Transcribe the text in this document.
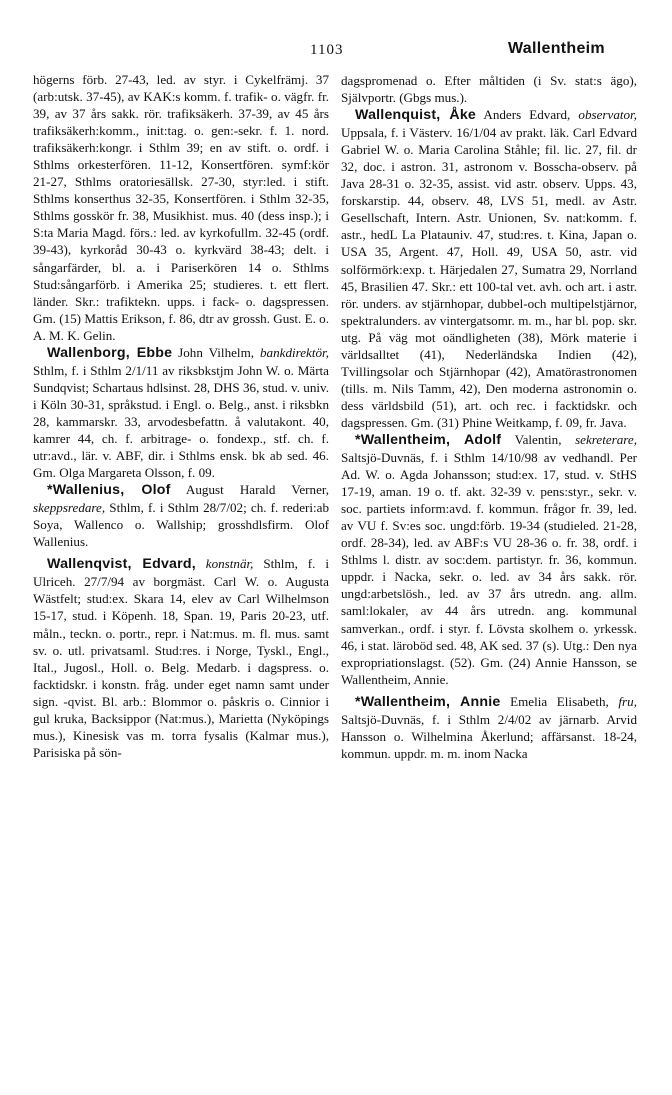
1103	Wallentheim

högerns förb. 27-43, led. av styr. i Cykelfrämj. 37 (arb:utsk. 37-45), av KAK:s komm. f. trafik- o. vägfr. fr. 39, av 37 års sakk. rör. trafiksäkerh. 37-39, av 45 års trafiksäkerh:komm., init:tag. o. gen:-sekr. f. 1. nord. trafiksäkerh:kongr. i Sthlm 39; en av stift. o. ordf. i Sthlms orkesterfören. 11-12, Konsertfören. symf:kör 21-27, Sthlms oratoriesällsk. 27-30, styr:led. i stift. Sthlms konserthus 32-35, Konsertfören. i Sthlm 32-35, Sthlms gosskör fr. 38, Musikhist. mus. 40 (dess insp.); i S:ta Maria Magd. förs.: led. av kyrkofullm. 32-45 (ordf. 39-43), kyrkoråd 30-43 o. kyrkvärd 38-43; delt. i sångarfärder, bl. a. i Pariserkören 14 o. Sthlms Stud:sångarförb. i Amerika 25; studieres. t. ett flert. länder. Skr.: trafiktekn. upps. i fack- o. dagspressen. Gm. (15) Mattis Erikson, f. 86, dtr av grossh. Gust. E. o. A. M. K. Gelin.

Wallenborg, Ebbe John Vilhelm, bankdirektör, Sthlm, f. i Sthlm 2/1/11 av riksbkstjm John W. o. Märta Sundqvist; Schartaus hdlsinst. 28, DHS 36, stud. v. univ. i Köln 30-31, språkstud. i Engl. o. Belg., anst. i riksbkn 28, kammarskr. 33, arvodesbefattn. å valutakont. 40, kamrer 44, ch. f. arbitrage- o. fondexp., stf. ch. f. utr:avd., lär. v. ABF, dir. i Sthlms ensk. bk ab sed. 46. Gm. Olga Margareta Olsson, f. 09.

*Wallenius, Olof August Harald Verner, skeppsredare, Sthlm, f. i Sthlm 28/7/02; ch. f. rederi:ab Soya, Wallenco o. Wallship; grosshdlsfirm. Olof Wallenius.

Wallenqvist, Edvard, konstnär, Sthlm, f. i Ulriceh. 27/7/94 av borgmäst. Carl W. o. Augusta Wästfelt; stud:ex. Skara 14, elev av Carl Wilhelmson 15-17, stud. i Köpenh. 18, Span. 19, Paris 20-23, utf. måln., teckn. o. portr., repr. i Nat:mus. m. fl. mus. samt sv. o. utl. privatsaml. Stud:res. i Norge, Tyskl., Engl., Ital., Jugosl., Holl. o. Belg. Medarb. i dagspress. o. facktidskr. i konstn. fråg. under eget namn samt under sign. -qvist. Bl. arb.: Blommor o. påskris o. Cinnior i gul kruka, Backsippor (Nat:mus.), Marietta (Nyköpings mus.), Kinesisk vas m. torra fysalis (Kalmar mus.), Parisiska på sön-

dagspromenad o. Efter måltiden (i Sv. stat:s ägo), Självportr. (Gbgs mus.).

Wallenquist, Åke Anders Edvard, observator, Uppsala, f. i Västerv. 16/1/04 av prakt. läk. Carl Edvard Gabriel W. o. Maria Carolina Ståhle; fil. lic. 27, fil. dr 32, doc. i astron. 31, astronom v. Bosscha-observ. på Java 28-31 o. 32-35, assist. vid astr. observ. Upps. 43, forskarstip. 44, observ. 48, LVS 51, medl. av Astr. Gesellschaft, Intern. Astr. Unionen, Sv. nat:komm. f. astr., hedL La Platauniv. 47, stud:res. t. Kina, Japan o. USA 35, Argent. 47, Holl. 49, USA 50, astr. vid solförmörk:exp. t. Härjedalen 27, Sumatra 29, Norrland 45, Brasilien 47. Skr.: ett 100-tal vet. avh. och art. i astr. rör. unders. av stjärnhopar, dubbel-och multipelstjärnor, spektralunders. av vintergatsomr. m. m., har bl. pop. skr. utg. På väg mot oändligheten (38), Mörk materie i världsalltet (41), Nederländska Indien (42), Tvillingsolar och Stjärnhopar (42), Amatörastronomen (tills. m. Nils Tamm, 42), Den moderna astronomin o. dess världsbild (51), art. och rec. i facktidskr. och dagspressen. Gm. (31) Phine Weitkamp, f. 09, fr. Java.

*Wallentheim, Adolf Valentin, sekreterare, Saltsjö-Duvnäs, f. i Sthlm 14/10/98 av vedhandl. Per Ad. W. o. Agda Johansson; stud:ex. 17, stud. v. StHS 17-19, aman. 19 o. tf. akt. 32-39 v. pens:styr., sekr. v. soc. partiets inform:avd. f. kommun. frågor fr. 39, led. av VU f. Sv:es soc. ungd:förb. 19-34 (studieled. 21-28, ordf. 28-34), led. av ABF:s VU 28-36 o. fr. 38, ordf. i Sthlms l. distr. av soc:dem. partistyr. fr. 36, kommun. uppdr. i Nacka, sekr. o. led. av 34 års sakk. rör. ungd:arbetslösh., led. av 37 års utredn. ang. allm. saml:lokaler, av 44 års utredn. ang. kommunal samverkan., ordf. i styr. f. Lövsta skolhem o. yrkessk. 46, i stat. läroböd sed. 48, AK sed. 37 (s). Utg.: Den nya expropriationslagst. (52). Gm. (24) Annie Hansson, se Wallentheim, Annie.

*Wallentheim, Annie Emelia Elisabeth, fru, Saltsjö-Duvnäs, f. i Sthlm 2/4/02 av järnarb. Arvid Hansson o. Wilhelmina Åkerlund; affärsanst. 18-24, kommun. uppdr. m. m. inom Nacka
